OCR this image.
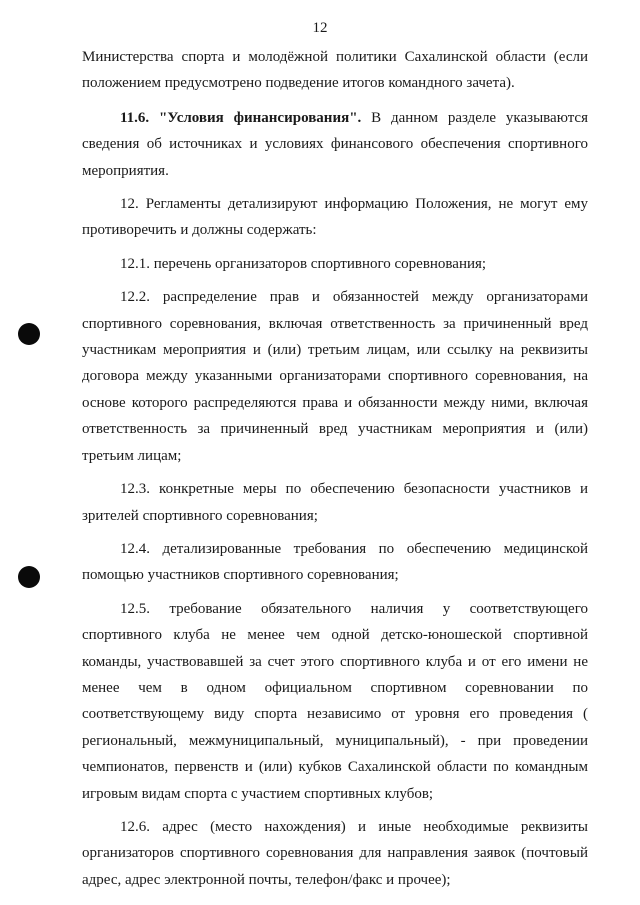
12

Министерства спорта и молодёжной политики Сахалинской области (если положением предусмотрено подведение итогов командного зачета).

11.6. "Условия финансирования". В данном разделе указываются сведения об источниках и условиях финансового обеспечения спортивного мероприятия.

12. Регламенты детализируют информацию Положения, не могут ему противоречить и должны содержать:

12.1. перечень организаторов спортивного соревнования;

12.2. распределение прав и обязанностей между организаторами спортивного соревнования, включая ответственность за причиненный вред участникам мероприятия и (или) третьим лицам, или ссылку на реквизиты договора между указанными организаторами спортивного соревнования, на основе которого распределяются права и обязанности между ними, включая ответственность за причиненный вред участникам мероприятия и (или) третьим лицам;

12.3. конкретные меры по обеспечению безопасности участников и зрителей спортивного соревнования;

12.4. детализированные требования по обеспечению медицинской помощью участников спортивного соревнования;

12.5. требование обязательного наличия у соответствующего спортивного клуба не менее чем одной детско-юношеской спортивной команды, участвовавшей за счет этого спортивного клуба и от его имени не менее чем в одном официальном спортивном соревновании по соответствующему виду спорта независимо от уровня его проведения ( региональный, межмуниципальный, муниципальный), - при проведении чемпионатов, первенств и (или) кубков Сахалинской области по командным игровым видам спорта с участием спортивных клубов;

12.6. адрес (место нахождения) и иные необходимые реквизиты организаторов спортивного соревнования для направления заявок (почтовый адрес, адрес электронной почты, телефон/факс и прочее);
